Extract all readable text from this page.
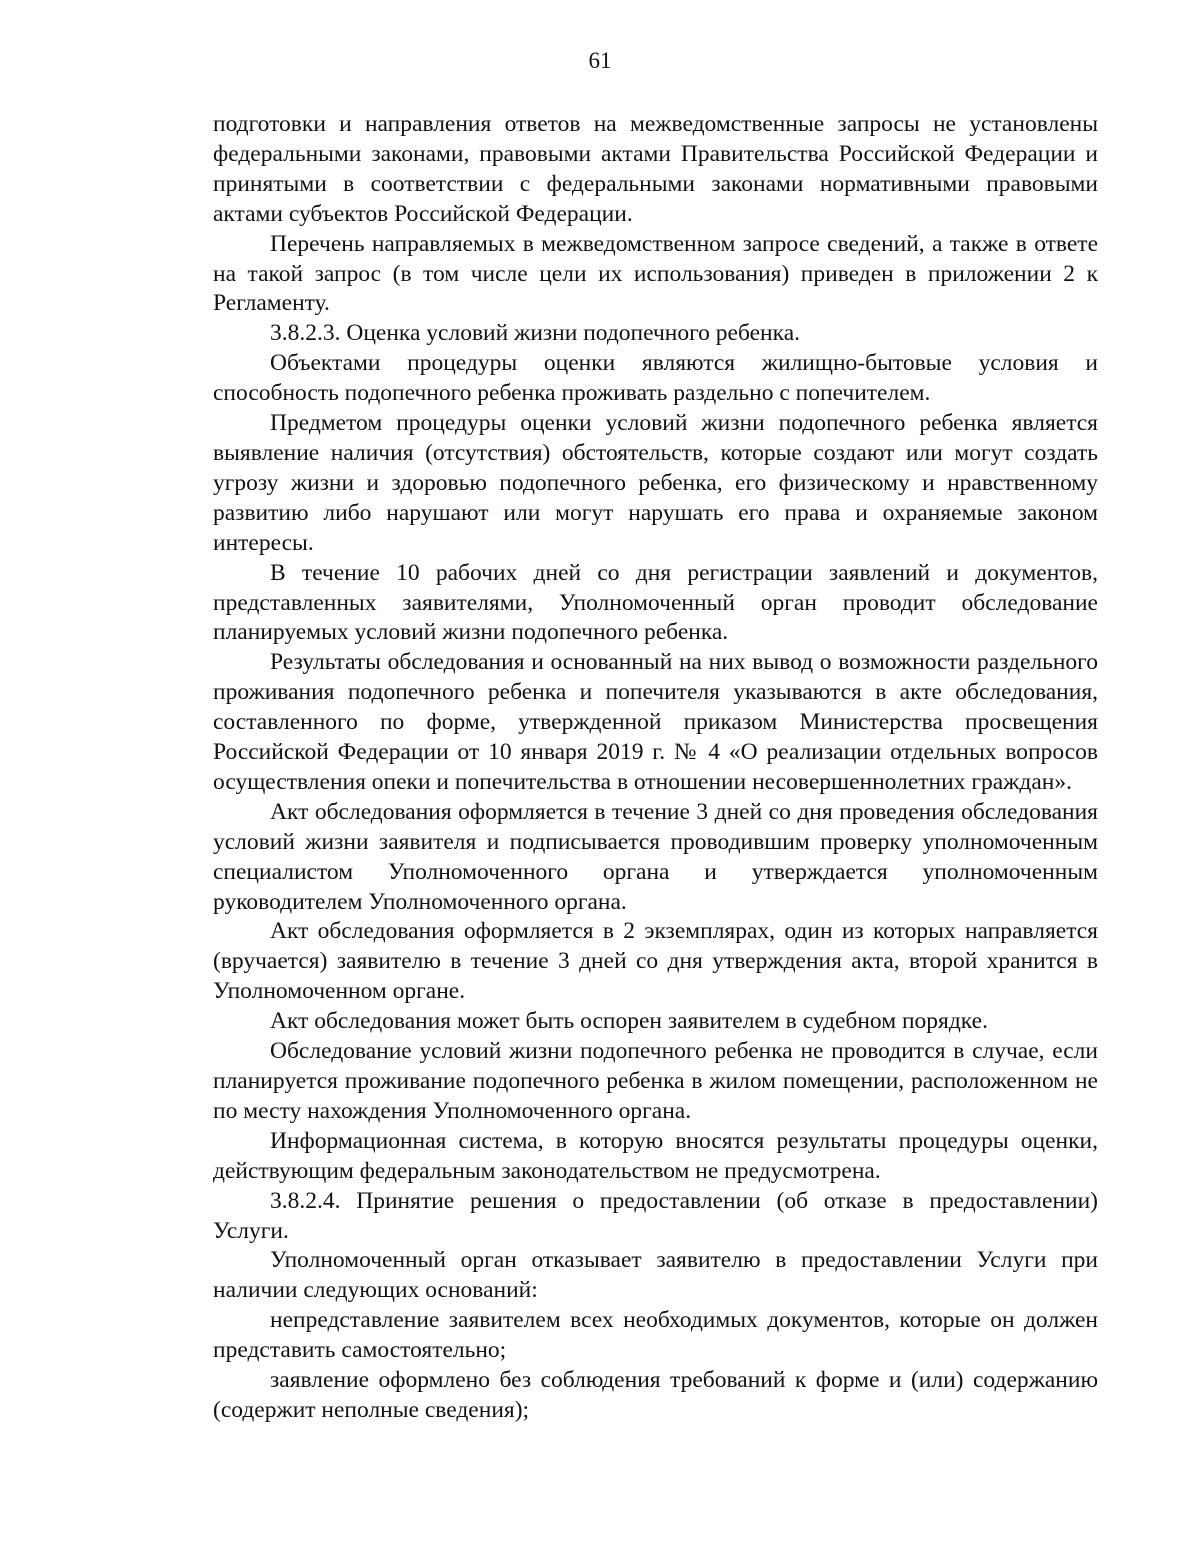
61

подготовки и направления ответов на межведомственные запросы не установлены федеральными законами, правовыми актами Правительства Российской Федерации и принятыми в соответствии с федеральными законами нормативными правовыми актами субъектов Российской Федерации.

Перечень направляемых в межведомственном запросе сведений, а также в ответе на такой запрос (в том числе цели их использования) приведен в приложении 2 к Регламенту.

3.8.2.3. Оценка условий жизни подопечного ребенка.

Объектами процедуры оценки являются жилищно-бытовые условия и способность подопечного ребенка проживать раздельно с попечителем.

Предметом процедуры оценки условий жизни подопечного ребенка является выявление наличия (отсутствия) обстоятельств, которые создают или могут создать угрозу жизни и здоровью подопечного ребенка, его физическому и нравственному развитию либо нарушают или могут нарушать его права и охраняемые законом интересы.

В течение 10 рабочих дней со дня регистрации заявлений и документов, представленных заявителями, Уполномоченный орган проводит обследование планируемых условий жизни подопечного ребенка.

Результаты обследования и основанный на них вывод о возможности раздельного проживания подопечного ребенка и попечителя указываются в акте обследования, составленного по форме, утвержденной приказом Министерства просвещения Российской Федерации от 10 января 2019 г. № 4 «О реализации отдельных вопросов осуществления опеки и попечительства в отношении несовершеннолетних граждан».

Акт обследования оформляется в течение 3 дней со дня проведения обследования условий жизни заявителя и подписывается проводившим проверку уполномоченным специалистом Уполномоченного органа и утверждается уполномоченным руководителем Уполномоченного органа.

Акт обследования оформляется в 2 экземплярах, один из которых направляется (вручается) заявителю в течение 3 дней со дня утверждения акта, второй хранится в Уполномоченном органе.

Акт обследования может быть оспорен заявителем в судебном порядке.

Обследование условий жизни подопечного ребенка не проводится в случае, если планируется проживание подопечного ребенка в жилом помещении, расположенном не по месту нахождения Уполномоченного органа.

Информационная система, в которую вносятся результаты процедуры оценки, действующим федеральным законодательством не предусмотрена.

3.8.2.4. Принятие решения о предоставлении (об отказе в предоставлении) Услуги.

Уполномоченный орган отказывает заявителю в предоставлении Услуги при наличии следующих оснований:

непредставление заявителем всех необходимых документов, которые он должен представить самостоятельно;

заявление оформлено без соблюдения требований к форме и (или) содержанию (содержит неполные сведения);
